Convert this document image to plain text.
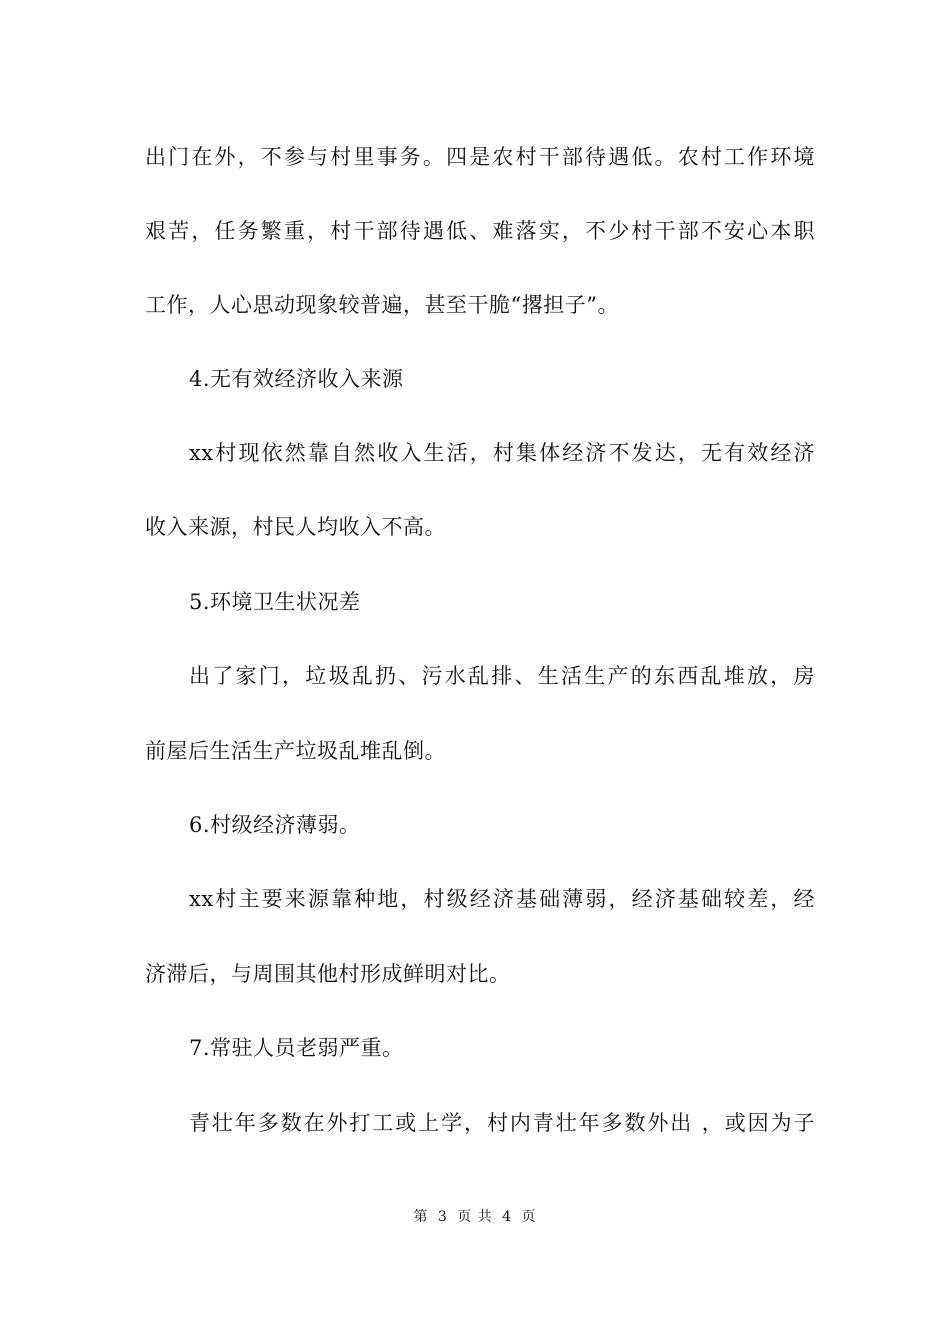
出门在外，不参与村里事务。四是农村干部待遇低。农村工作环境
艰苦，任务繁重，村干部待遇低、难落实，不少村干部不安心本职
工作，人心思动现象较普遍，甚至干脆“撂担子”。
4.无有效经济收入来源
xx村现依然靠自然收入生活，村集体经济不发达，无有效经济
收入来源，村民人均收入不高。
5.环境卫生状况差
出了家门，垃圾乱扔、污水乱排、生活生产的东西乱堆放，房
前屋后生活生产垃圾乱堆乱倒。
6.村级经济薄弱。
xx村主要来源靠种地，村级经济基础薄弱，经济基础较差，经
济滞后，与周围其他村形成鲜明对比。
7.常驻人员老弱严重。
青壮年多数在外打工或上学，村内青壮年多数外出 ，或因为子
第 3 页 共 4 页
